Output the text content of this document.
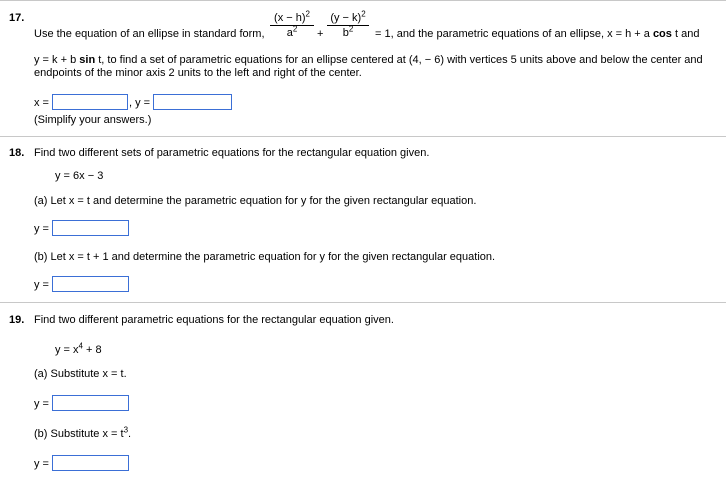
17.
Use the equation of an ellipse in standard form,
$(x - h)^2$
$a^2$	+
$(y - k)^2$
$b^2$	= 1, and the parametric equations of an ellipse, x = h + a cos t and
y = k + b sin t, to find a set of parametric equations for an ellipse centered at (4, − 6) with vertices 5 units above and below the center and
endpoints of the minor axis 2 units to the left and right of the center.
x =	, y =
(Simplify your answers.)
18. Find two different sets of parametric equations for the rectangular equation given.
y = 6x − 3
(a) Let x = t and determine the parametric equation for y for the given rectangular equation.
y =
(b) Let x = t + 1 and determine the parametric equation for y for the given rectangular equation.
y =
19. Find two different parametric equations for the rectangular equation given.
$y = x^4 + 8$
(a) Substitute x = t.
y =
(b) Substitute $x = t^3$.
y =
